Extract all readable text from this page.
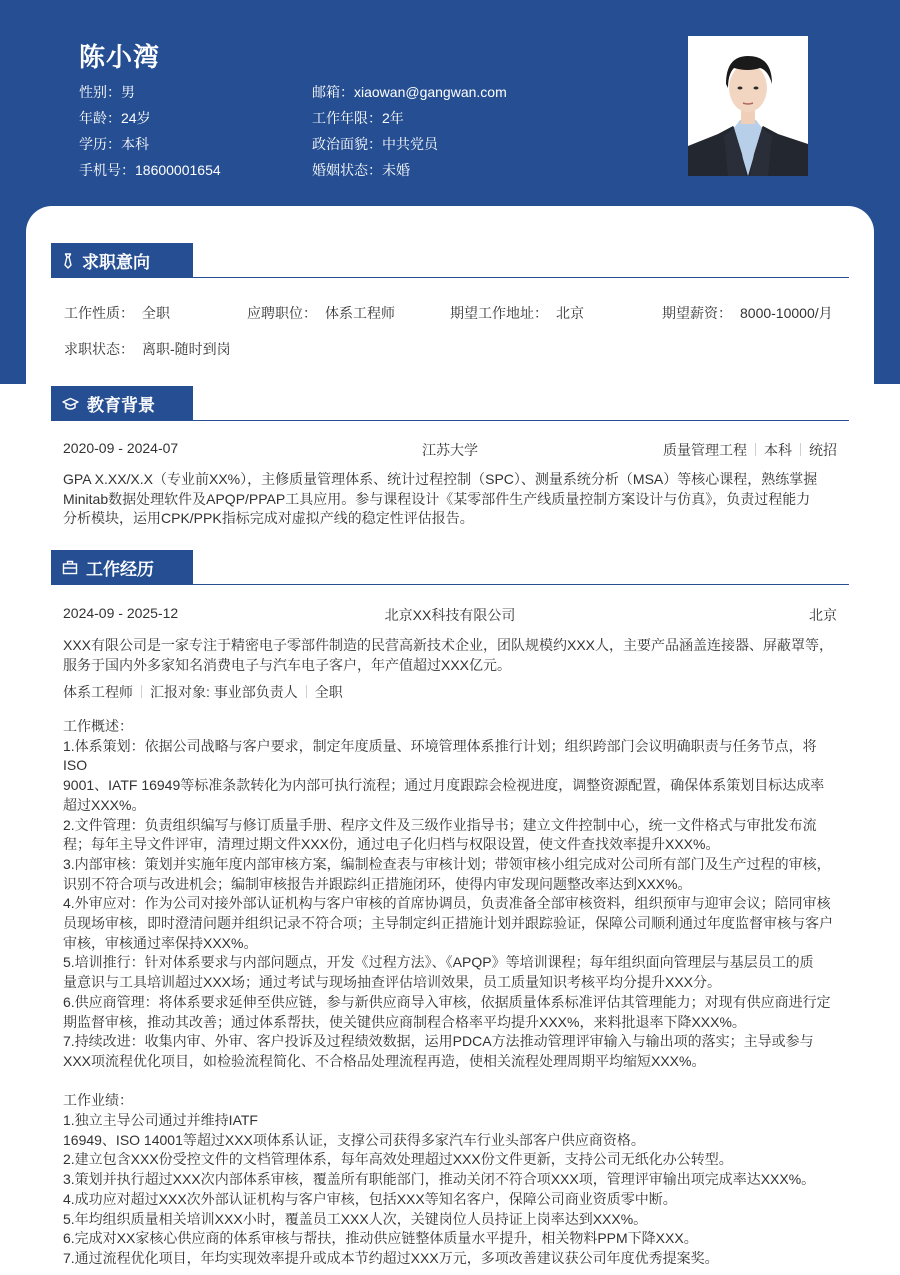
陈小湾
性别：男
年龄：24岁
学历：本科
手机号：18600001654
邮箱：xiaowan@gangwan.com
工作年限：2年
政治面貌：中共党员
婚姻状态：未婚
求职意向
工作性质： 全职	应聘职位： 体系工程师	期望工作地址： 北京	期望薪资： 8000-10000/月
求职状态： 离职-随时到岗
教育背景
2020-09 - 2024-07	江苏大学	质量管理工程 本科 统招
GPA X.XX/X.X（专业前XX%），主修质量管理体系、统计过程控制（SPC）、测量系统分析（MSA）等核心课程，熟练掌握
Minitab数据处理软件及APQP/PPAP工具应用。参与课程设计《某零部件生产线质量控制方案设计与仿真》，负责过程能力
分析模块，运用CPK/PPK指标完成对虚拟产线的稳定性评估报告。
工作经历
2024-09 - 2025-12	北京XX科技有限公司	北京
XXX有限公司是一家专注于精密电子零部件制造的民营高新技术企业，团队规模约XXX人，主要产品涵盖连接器、屏蔽罩等，
服务于国内外多家知名消费电子与汽车电子客户，年产值超过XXX亿元。
体系工程师 汇报对象: 事业部负责人 全职
工作概述：
1.体系策划：依据公司战略与客户要求，制定年度质量、环境管理体系推行计划；组织跨部门会议明确职责与任务节点，将
ISO
9001、IATF 16949等标准条款转化为内部可执行流程；通过月度跟踪会检视进度，调整资源配置，确保体系策划目标达成率
超过XXX%。
2.文件管理：负责组织编写与修订质量手册、程序文件及三级作业指导书；建立文件控制中心，统一文件格式与审批发布流
程；每年主导文件评审，清理过期文件XXX份，通过电子化归档与权限设置，使文件查找效率提升XXX%。
3.内部审核：策划并实施年度内部审核方案，编制检查表与审核计划；带领审核小组完成对公司所有部门及生产过程的审核，
识别不符合项与改进机会；编制审核报告并跟踪纠正措施闭环，使得内审发现问题整改率达到XXX%。
4.外审应对：作为公司对接外部认证机构与客户审核的首席协调员，负责准备全部审核资料，组织预审与迎审会议；陪同审核
员现场审核，即时澄清问题并组织记录不符合项；主导制定纠正措施计划并跟踪验证，保障公司顺利通过年度监督审核与客户
审核，审核通过率保持XXX%。
5.培训推行：针对体系要求与内部问题点，开发《过程方法》、《APQP》等培训课程；每年组织面向管理层与基层员工的质
量意识与工具培训超过XXX场；通过考试与现场抽查评估培训效果，员工质量知识考核平均分提升XXX分。
6.供应商管理：将体系要求延伸至供应链，参与新供应商导入审核，依据质量体系标准评估其管理能力；对现有供应商进行定
期监督审核，推动其改善；通过体系帮扶，使关键供应商制程合格率平均提升XXX%，来料批退率下降XXX%。
7.持续改进：收集内审、外审、客户投诉及过程绩效数据，运用PDCA方法推动管理评审输入与输出项的落实；主导或参与
XXX项流程优化项目，如检验流程简化、不合格品处理流程再造，使相关流程处理周期平均缩短XXX%。
工作业绩：
1.独立主导公司通过并维持IATF
16949、ISO 14001等超过XXX项体系认证，支撑公司获得多家汽车行业头部客户供应商资格。
2.建立包含XXX份受控文件的文档管理体系，每年高效处理超过XXX份文件更新，支持公司无纸化办公转型。
3.策划并执行超过XXX次内部体系审核，覆盖所有职能部门，推动关闭不符合项XXX项，管理评审输出项完成率达XXX%。
4.成功应对超过XXX次外部认证机构与客户审核，包括XXX等知名客户，保障公司商业资质零中断。
5.年均组织质量相关培训XXX小时，覆盖员工XXX人次，关键岗位人员持证上岗率达到XXX%。
6.完成对XX家核心供应商的体系审核与帮扶，推动供应链整体质量水平提升，相关物料PPM下降XXX。
7.通过流程优化项目，年均实现效率提升或成本节约超过XXX万元，多项改善建议获公司年度优秀提案奖。
